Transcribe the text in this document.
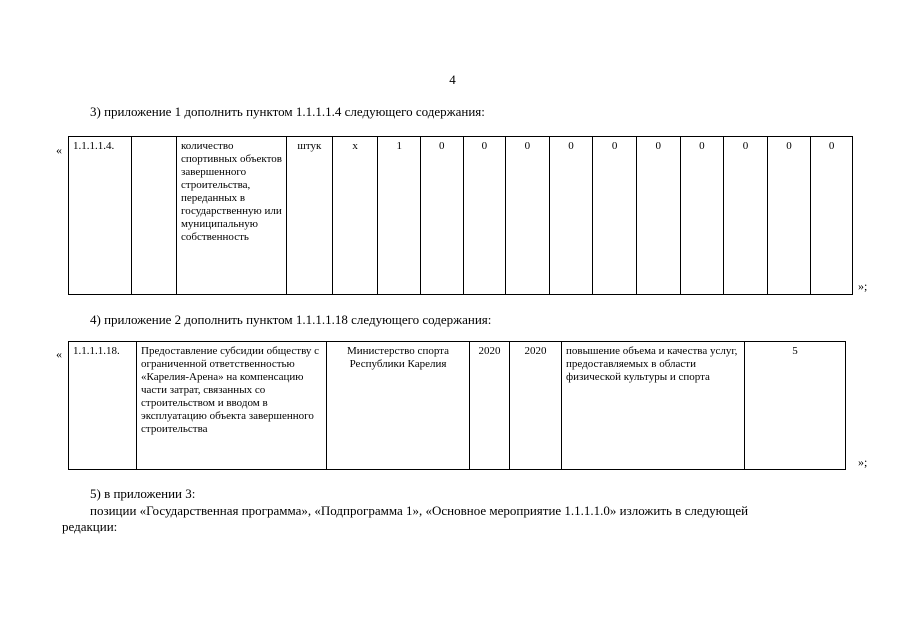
4
3) приложение 1 дополнить пунктом 1.1.1.1.4 следующего содержания:
« 1.1.1.1.4.		количество спортивных объектов завершенного строительства, переданных в государственную или муниципальную собственность	штук	х	1	0	0	0	0	0	0	0	0	0	0
»;
4) приложение 2 дополнить пунктом 1.1.1.1.18 следующего содержания:
« 1.1.1.1.18.	Предоставление субсидии обществу с ограниченной ответственностью «Карелия-Арена» на компенсацию части затрат, связанных со строительством и вводом в эксплуатацию объекта завершенного строительства	Министерство спорта Республики Карелия	2020	2020	повышение объема и качества услуг, предоставляемых в области физической культуры и спорта	5
»;
5) в приложении 3:
позиции «Государственная программа», «Подпрограмма 1», «Основное мероприятие 1.1.1.1.0» изложить в следующей
редакции:
